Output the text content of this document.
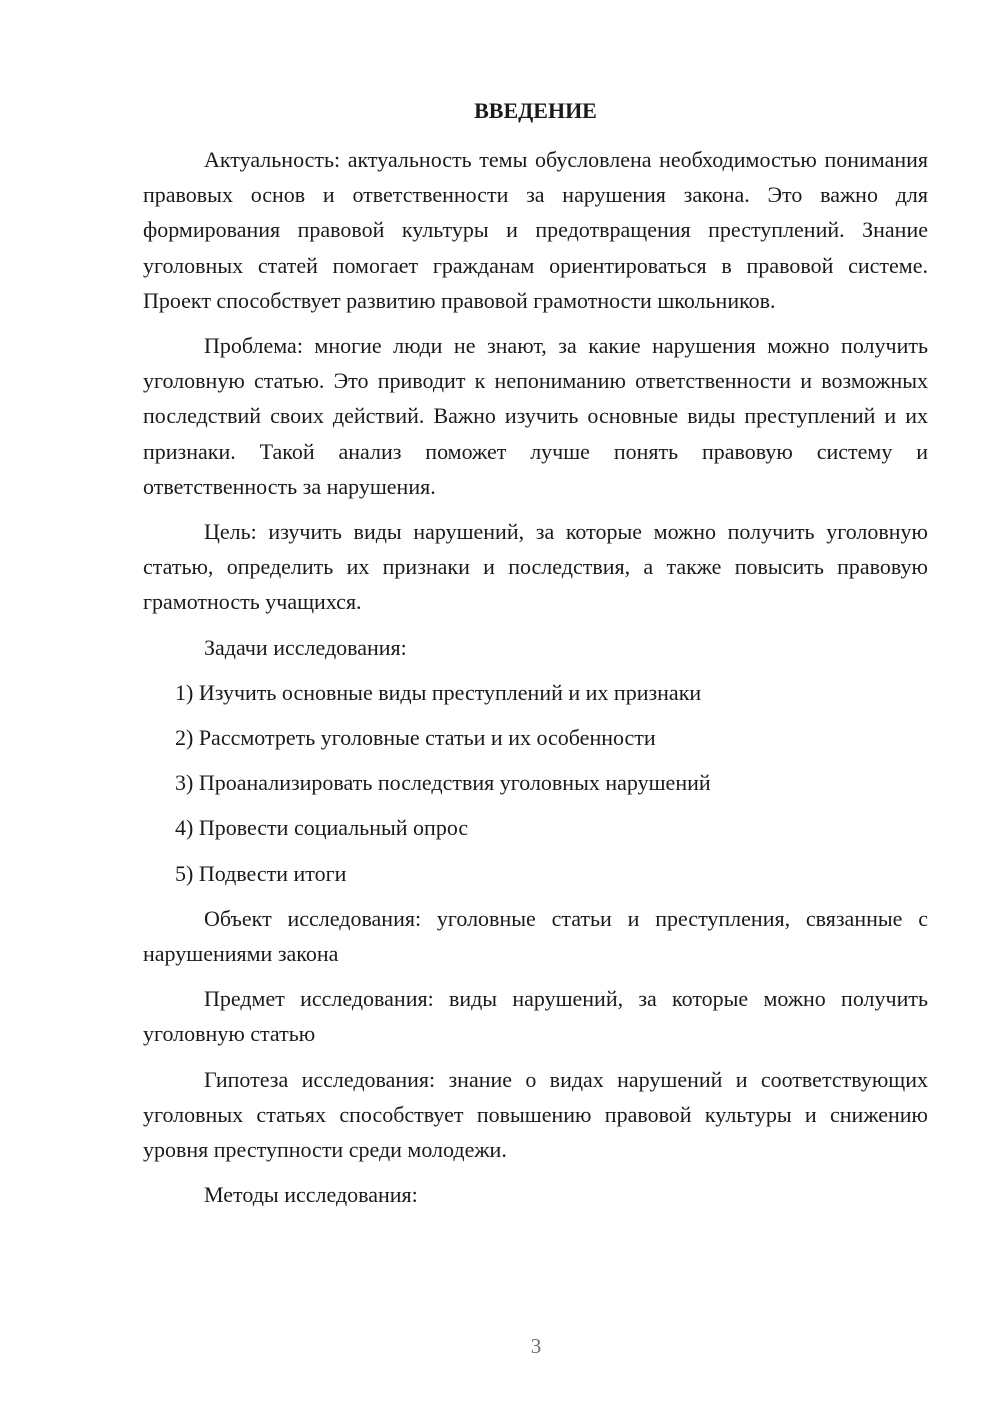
ВВЕДЕНИЕ

Актуальность: актуальность темы обусловлена необходимостью понимания правовых основ и ответственности за нарушения закона. Это важно для формирования правовой культуры и предотвращения преступлений. Знание уголовных статей помогает гражданам ориентироваться в правовой системе. Проект способствует развитию правовой грамотности школьников.

Проблема: многие люди не знают, за какие нарушения можно получить уголовную статью. Это приводит к непониманию ответственности и возможных последствий своих действий. Важно изучить основные виды преступлений и их признаки. Такой анализ поможет лучше понять правовую систему и ответственность за нарушения.

Цель: изучить виды нарушений, за которые можно получить уголовную статью, определить их признаки и последствия, а также повысить правовую грамотность учащихся.

Задачи исследования:

1) Изучить основные виды преступлений и их признаки
2) Рассмотреть уголовные статьи и их особенности
3) Проанализировать последствия уголовных нарушений
4) Провести социальный опрос
5) Подвести итоги

Объект исследования: уголовные статьи и преступления, связанные с нарушениями закона

Предмет исследования: виды нарушений, за которые можно получить уголовную статью

Гипотеза исследования: знание о видах нарушений и соответствующих уголовных статьях способствует повышению правовой культуры и снижению уровня преступности среди молодежи.

Методы исследования:

3
